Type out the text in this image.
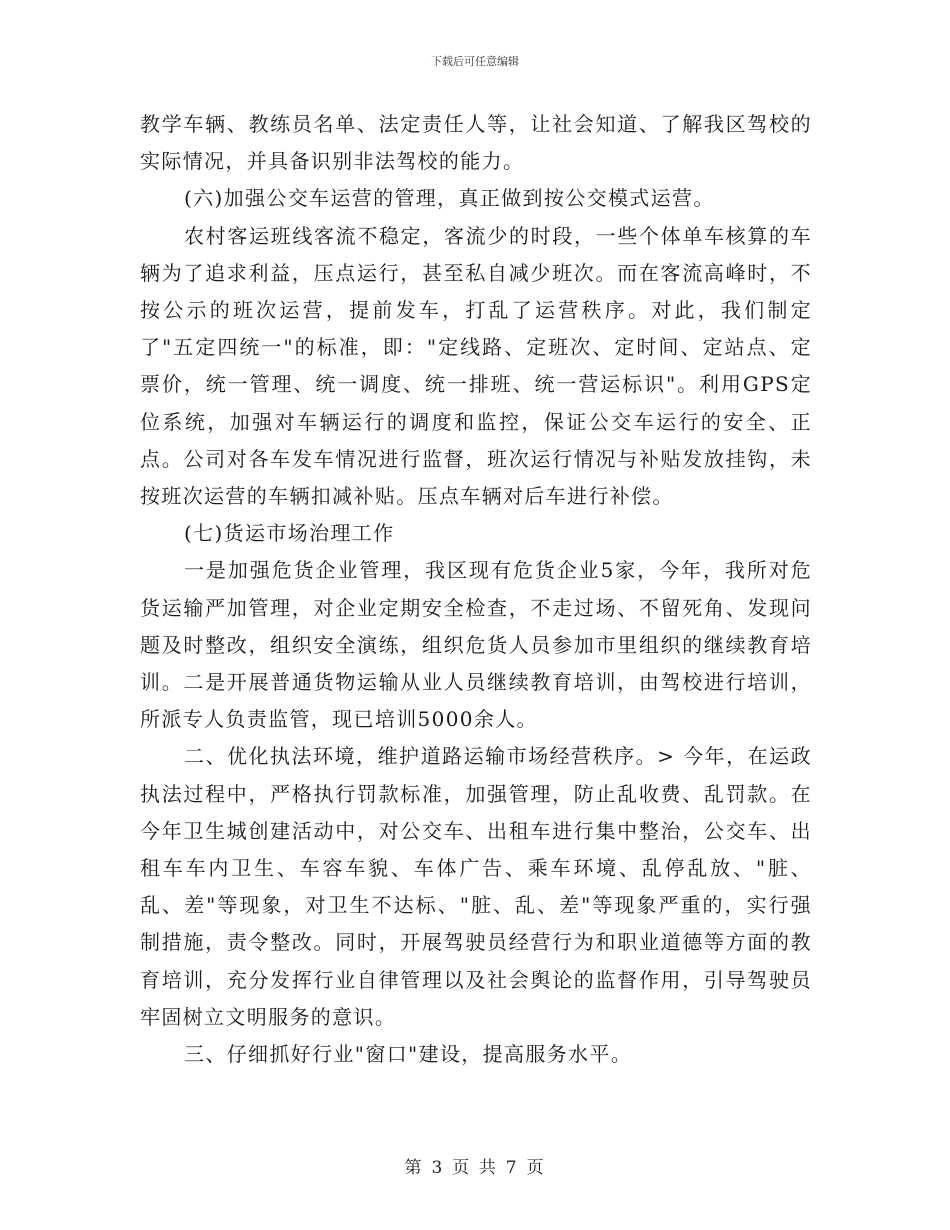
下载后可任意编辑

教学车辆、教练员名单、法定责任人等，让社会知道、了解我区驾校的实际情况，并具备识别非法驾校的能力。

(六)加强公交车运营的管理，真正做到按公交模式运营。

农村客运班线客流不稳定，客流少的时段，一些个体单车核算的车辆为了追求利益，压点运行，甚至私自减少班次。而在客流高峰时，不按公示的班次运营，提前发车，打乱了运营秩序。对此，我们制定了"五定四统一"的标准，即："定线路、定班次、定时间、定站点、定票价，统一管理、统一调度、统一排班、统一营运标识"。利用GPS定位系统，加强对车辆运行的调度和监控，保证公交车运行的安全、正点。公司对各车发车情况进行监督，班次运行情况与补贴发放挂钩，未按班次运营的车辆扣减补贴。压点车辆对后车进行补偿。

(七)货运市场治理工作

一是加强危货企业管理，我区现有危货企业5家，今年，我所对危货运输严加管理，对企业定期安全检查，不走过场、不留死角、发现问题及时整改，组织安全演练，组织危货人员参加市里组织的继续教育培训。二是开展普通货物运输从业人员继续教育培训，由驾校进行培训，所派专人负责监管，现已培训5000余人。

二、优化执法环境，维护道路运输市场经营秩序。> 今年，在运政执法过程中，严格执行罚款标准，加强管理，防止乱收费、乱罚款。在今年卫生城创建活动中，对公交车、出租车进行集中整治，公交车、出租车车内卫生、车容车貌、车体广告、乘车环境、乱停乱放、"脏、乱、差"等现象，对卫生不达标、"脏、乱、差"等现象严重的，实行强制措施，责令整改。同时，开展驾驶员经营行为和职业道德等方面的教育培训，充分发挥行业自律管理以及社会舆论的监督作用，引导驾驶员牢固树立文明服务的意识。

三、仔细抓好行业"窗口"建设，提高服务水平。

第 3 页 共 7 页
